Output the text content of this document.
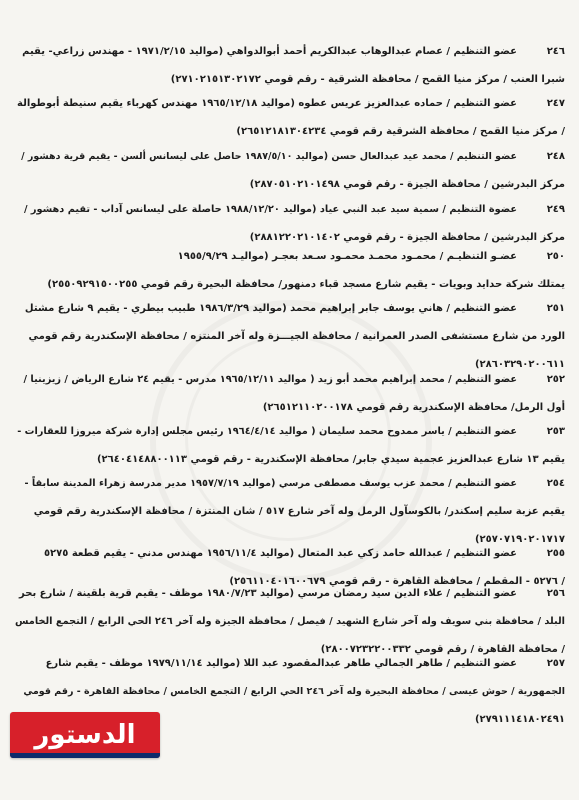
٢٤٦
عضو التنظيم / عصام عبدالوهاب عبدالكريم أحمد أبوالدواهي (مواليد ١٩٧١/٢/١٥ - مهندس زراعي- يقيم
شبرا العنب / مركز منيا القمح / محافظة الشرقية - رقم قومي ٢٧١٠٢١٥١٣٠٢١٧٢)
٢٤٧
عضو التنظيم / حماده عبدالعزيز عريس عطوه (مواليد ١٩٦٥/١٢/١٨ مهندس كهرباء يقيم سنيطة أبوطوالة
/ مركز منيا القمح / محافظة الشرقية رقم قومي ٢٦٥١٢١٨١٣٠٤٢٣٤)
٢٤٨
عضو التنظيم / محمد عيد عبدالعال حسن (مواليد ١٩٨٧/٥/١٠ حاصل على ليسانس ألسن - يقيم قرية دهشور /
مركز البدرشين / محافظة الجيزة - رقم قومي ٢٨٧٠٥١٠٢١٠١٤٩٨)
٢٤٩
عضوة التنظيم / سمية سيد عبد النبي عياد (مواليد ١٩٨٨/١٢/٢٠ حاصلة على ليسانس آداب - تقيم دهشور /
مركز البدرشين / محافظة الجيزة - رقم قومي ٢٨٨١٢٢٠٢١٠١٤٠٢)
٢٥٠
عضـو التنظيـم / محمـود محمـد محمـود سـعد بعجـر (مواليـد ١٩٥٥/٩/٢٩
يمتلك شركة حدايد وبويات - يقيم شارع مسجد قباء دمنهور/ محافظة البحيرة رقم قومي ٢٥٥٠٩٢٩١٥٠٠٢٥٥)
٢٥١
عضو التنظيم / هاني يوسف جابر إبراهيم محمد (مواليد ١٩٨٦/٣/٢٩ طبيب بيطري - يقيم ٩ شارع مشتل
الورد من شارع مستشفى الصدر العمرانية / محافظة الجيـــزة وله آخر المنتزه / محافظة الإسكندرية رقم قومي
٢٨٦٠٣٢٩٠٢٠٠٦١١)
٢٥٢
عضو التنظيم / محمد إبراهيم محمد أبو زيد ( مواليد ١٩٦٥/١٢/١١ مدرس - يقيم ٢٤ شارع الرياض / زيزينيا /
أول الرمل/ محافظة الإسكندرية رقم قومي ٢٦٥١٢١١٠٢٠٠١٧٨)
٢٥٣
عضو التنظيم / ياسر ممدوح محمد سليمان ( مواليد ١٩٦٤/٤/١٤ رئيس مجلس إدارة شركة ميروزا للعقارات -
يقيم ١٣ شارع عبدالعزيز عجمية سيدي جابر/ محافظة الإسكندرية - رقم قومي ٢٦٤٠٤١٤٨٨٠٠١١٣)
٢٥٤
عضو التنظيم / محمد عزب يوسف مصطفى مرسي (مواليد ١٩٥٧/٧/١٩ مدير مدرسة زهراء المدينة سابقاً -
يقيم عزبة سليم إسكندر/ بالكوسآول الرمل وله آخر شارع ٥١٧ / شان المنتزة / محافظة الإسكندرية رقم قومي
٢٥٧٠٧١٩٠٢٠١٧١٧)
٢٥٥
عضو التنظيم / عبدالله حامد زكي عبد المتعال (مواليد ١٩٥٦/١١/٤ مهندس مدني - يقيم قطعة ٥٢٧٥
/ ٥٢٧٦ - المقطم / محافظة القاهرة - رقم قومي ٢٥٦١١٠٤٠١٦٠٠٦٧٩)
٢٥٦
عضو التنظيم / علاء الدين سيد رمضان مرسي (مواليد ١٩٨٠/٧/٢٣ موظف - يقيم قرية بلقينة / شارع بحر
البلد / محافظة بني سويف وله آخر شارع الشهيد / فيصل / محافظة الجيزة وله آخر ٢٤٦ الحي الرابع / التجمع الخامس
/ محافظة القاهرة / رقم قومي ٢٨٠٠٧٢٣٢٢٠٠٣٣٢)
٢٥٧
عضو التنظيم / طاهر الجمالي طاهر عبدالمقصود عبد اللا (مواليد ١٩٧٩/١١/١٤ موظف - يقيم شارع
الجمهورية / حوش عيسى / محافظة البحيرة وله آخر ٢٤٦ الحي الرابع / التجمع الخامس / محافظة القاهرة - رقم قومي
٢٧٩١١١٤١٨٠٢٤٩١)
الدستور
